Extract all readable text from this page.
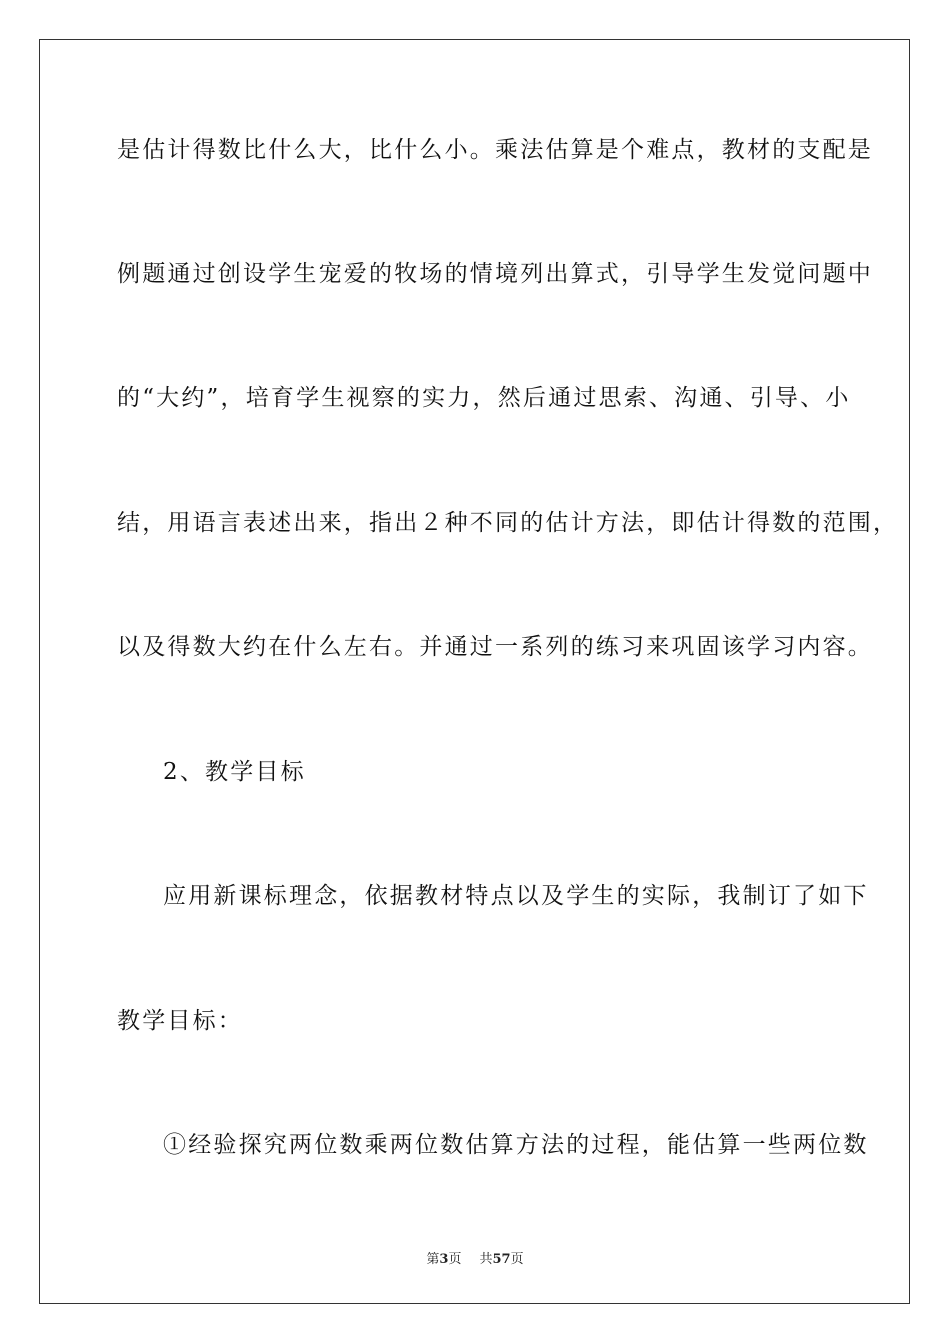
是估计得数比什么大，比什么小。乘法估算是个难点，教材的支配是
例题通过创设学生宠爱的牧场的情境列出算式，引导学生发觉问题中
的“大约”，培育学生视察的实力，然后通过思索、沟通、引导、小
结，用语言表述出来，指出２种不同的估计方法，即估计得数的范围，
以及得数大约在什么左右。并通过一系列的练习来巩固该学习内容。
2、教学目标
应用新课标理念，依据教材特点以及学生的实际，我制订了如下
教学目标：
①经验探究两位数乘两位数估算方法的过程，能估算一些两位数
第3页 共57页
